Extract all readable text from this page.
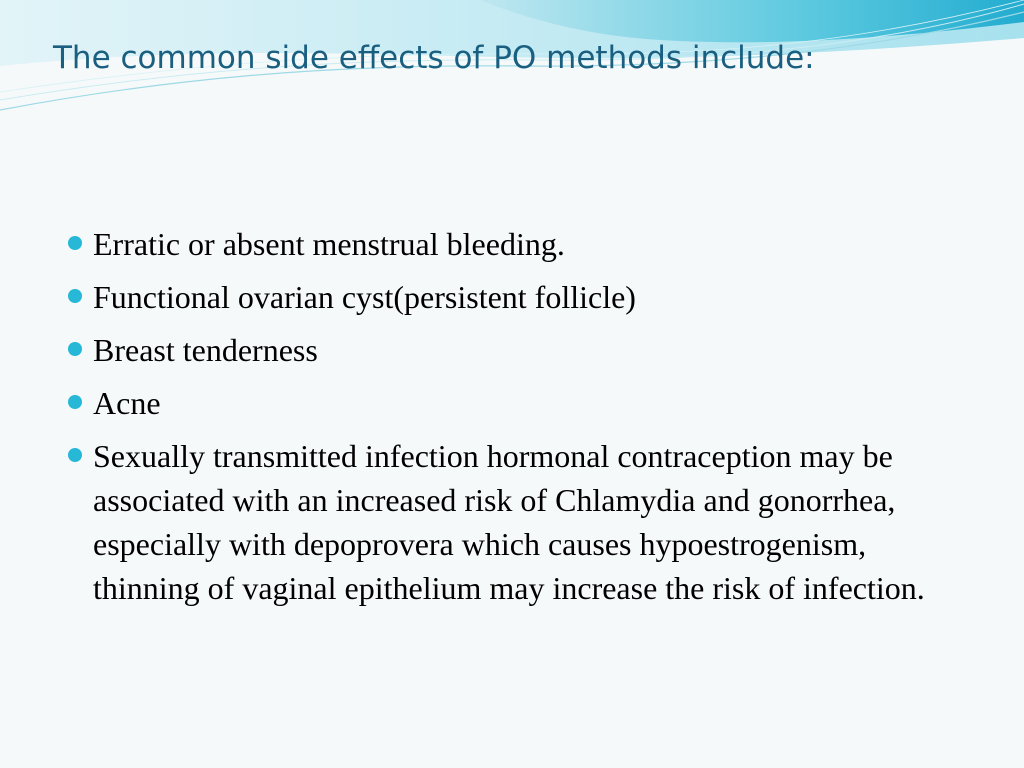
The common side effects of PO methods include:
Erratic or absent menstrual bleeding.
Functional ovarian cyst(persistent follicle)
Breast tenderness
Acne
Sexually transmitted infection hormonal contraception may be associated with an increased risk of Chlamydia and gonorrhea, especially with depoprovera which causes hypoestrogenism, thinning of vaginal epithelium may increase the risk of infection.
